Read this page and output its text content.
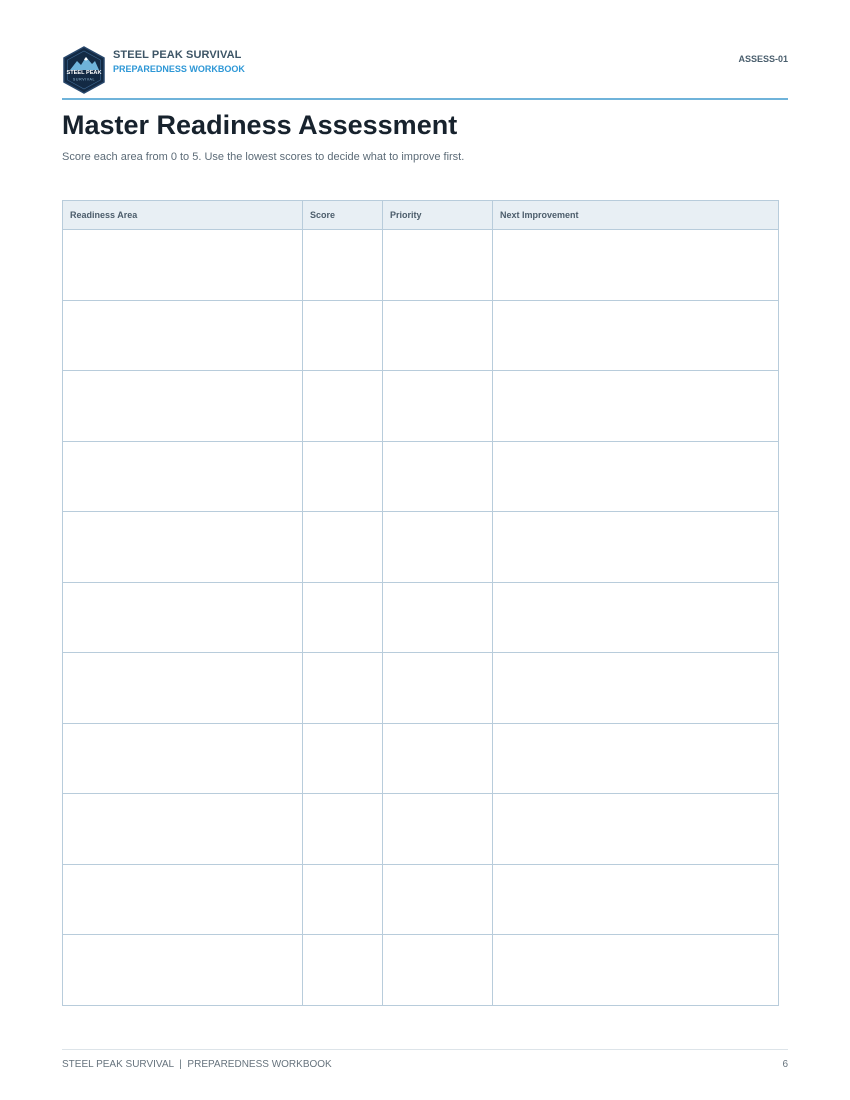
STEEL PEAK
SURVIVAL
STEEL PEAK SURVIVAL
PREPAREDNESS WORKBOOK
ASSESS-01
Master Readiness Assessment
Score each area from 0 to 5. Use the lowest scores to decide what to improve first.
Readiness Area	Score	Priority	Next Improvement

STEEL PEAK SURVIVAL  |  PREPAREDNESS WORKBOOK	6
